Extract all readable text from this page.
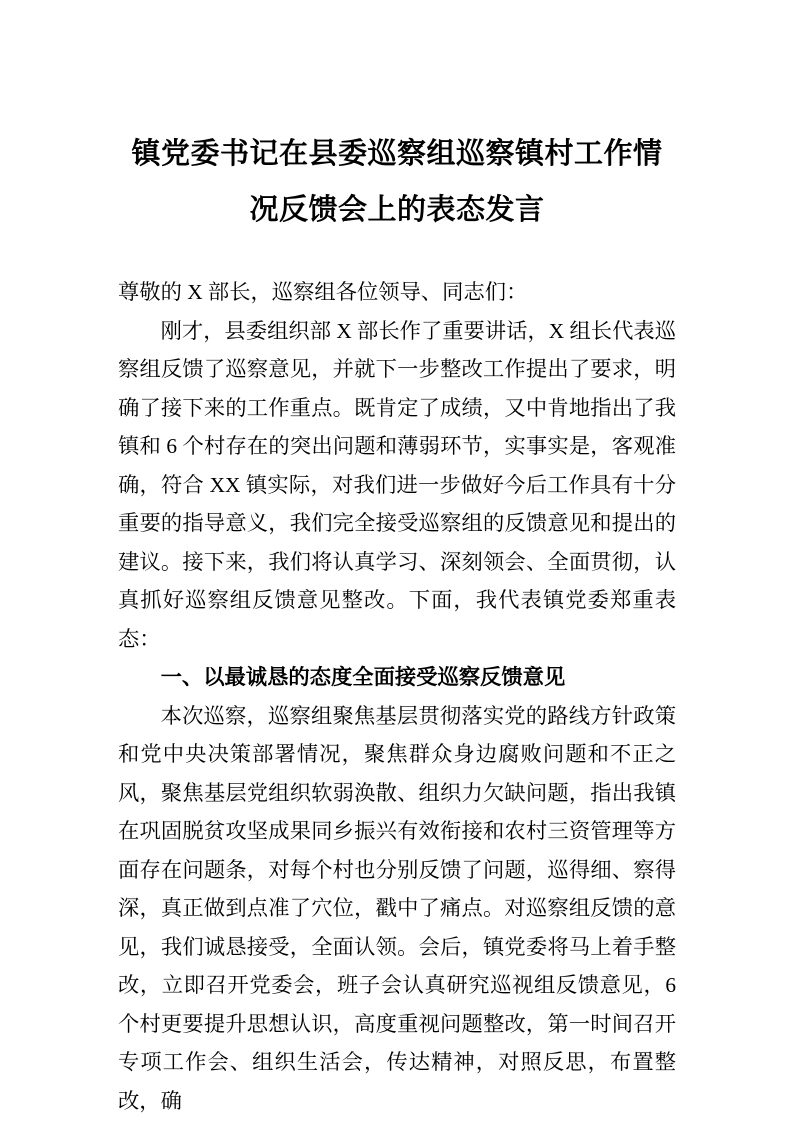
镇党委书记在县委巡察组巡察镇村工作情况反馈会上的表态发言

尊敬的 X 部长，巡察组各位领导、同志们：

刚才，县委组织部 X 部长作了重要讲话，X 组长代表巡察组反馈了巡察意见，并就下一步整改工作提出了要求，明确了接下来的工作重点。既肯定了成绩，又中肯地指出了我镇和 6 个村存在的突出问题和薄弱环节，实事实是，客观准确，符合 XX 镇实际，对我们进一步做好今后工作具有十分重要的指导意义，我们完全接受巡察组的反馈意见和提出的建议。接下来，我们将认真学习、深刻领会、全面贯彻，认真抓好巡察组反馈意见整改。下面，我代表镇党委郑重表态：

一、以最诚恳的态度全面接受巡察反馈意见

本次巡察，巡察组聚焦基层贯彻落实党的路线方针政策和党中央决策部署情况，聚焦群众身边腐败问题和不正之风，聚焦基层党组织软弱涣散、组织力欠缺问题，指出我镇在巩固脱贫攻坚成果同乡振兴有效衔接和农村三资管理等方面存在问题条，对每个村也分别反馈了问题，巡得细、察得深，真正做到点准了穴位，戳中了痛点。对巡察组反馈的意见，我们诚恳接受，全面认领。会后，镇党委将马上着手整改，立即召开党委会，班子会认真研究巡视组反馈意见，6 个村更要提升思想认识，高度重视问题整改，第一时间召开专项工作会、组织生活会，传达精神，对照反思，布置整改，确
